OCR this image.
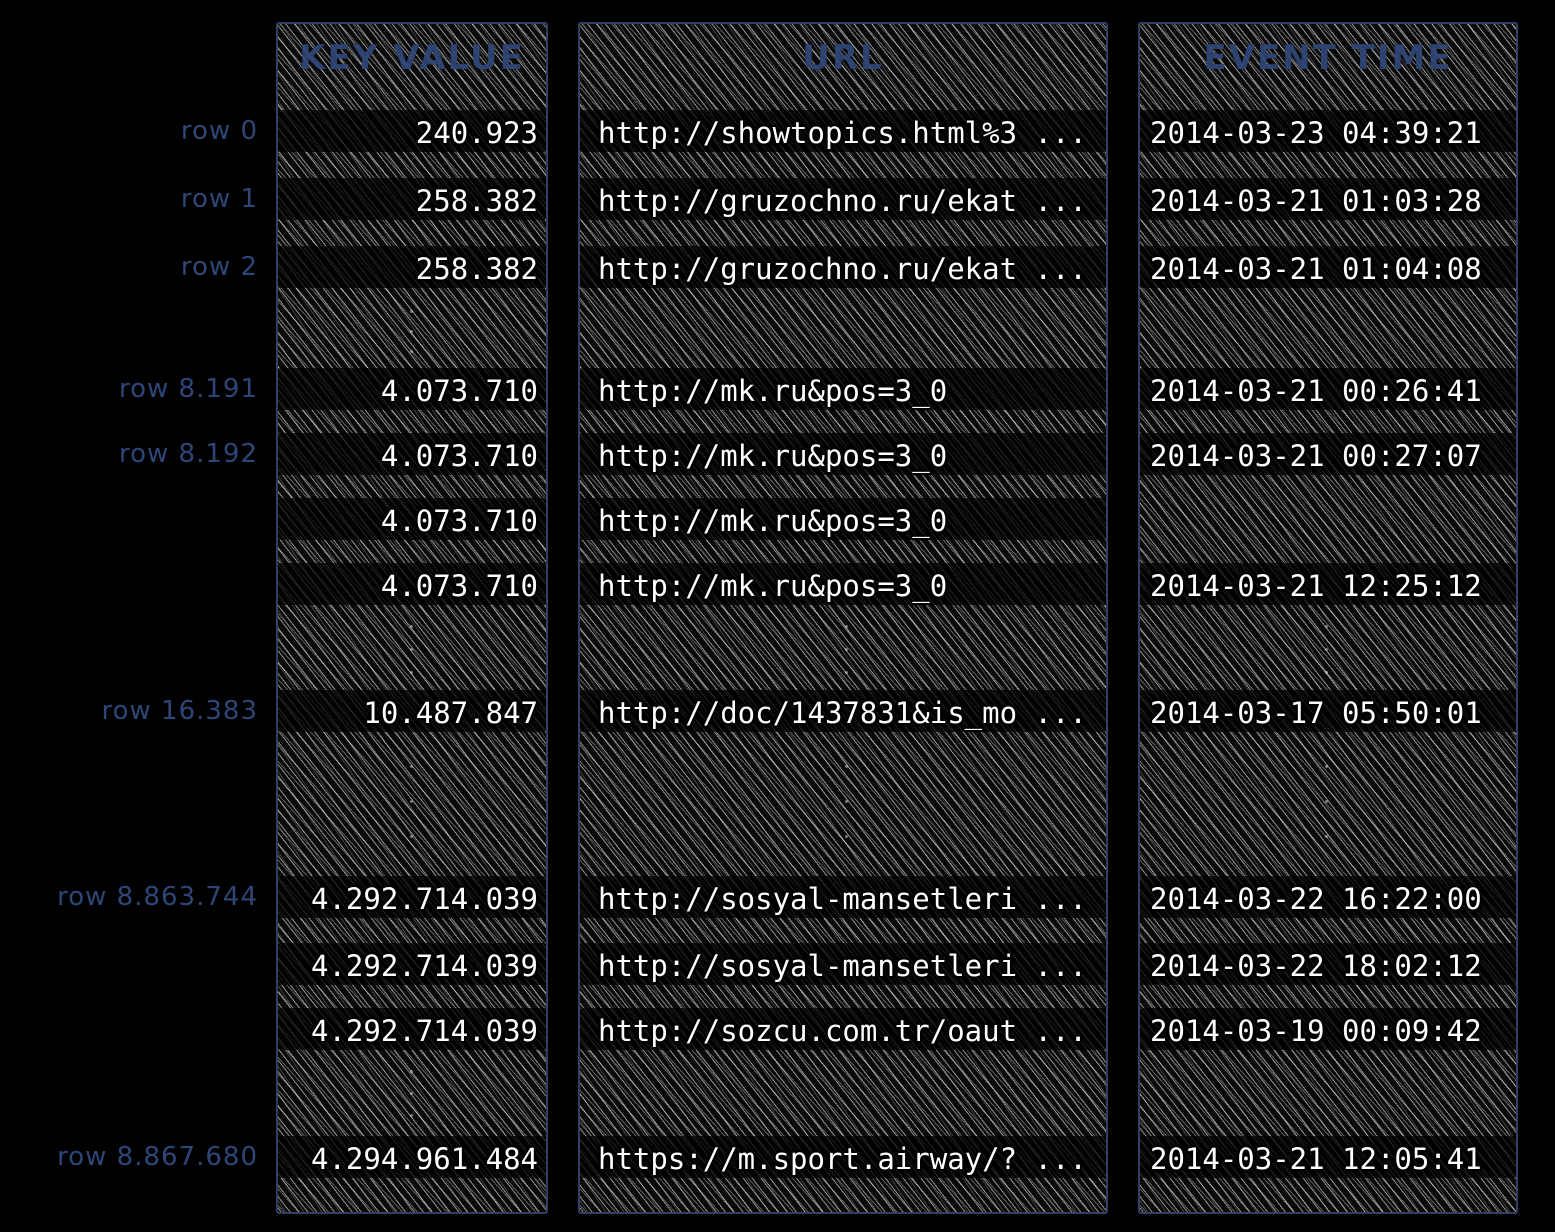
KEY VALUE	URL	EVENT TIME
row 0	240.923 http://showtopics.html%3 ...	2014-03-23 04:39:21
row 1	258.382 http://gruzochno.ru/ekat ...	2014-03-21 01:03:28
row 2	258.382 http://gruzochno.ru/ekat ...	2014-03-21 01:04:08
row 8.191	4.073.710 http://mk.ru&pos=3_0	2014-03-21 00:26:41
row 8.192	4.073.710 http://mk.ru&pos=3_0	2014-03-21 00:27:07
4.073.710 http://mk.ru&pos=3_0
4.073.710 http://mk.ru&pos=3_0	2014-03-21 12:25:12
row 16.383	10.487.847 http://doc/1437831&is_mo ...	2014-03-17 05:50:01
row 8.863.744	4.292.714.039 http://sosyal-mansetleri ...	2014-03-22 16:22:00
4.292.714.039 http://sosyal-mansetleri ...	2014-03-22 18:02:12
4.292.714.039 http://sozcu.com.tr/oaut ...	2014-03-19 00:09:42
row 8.867.680	4.294.961.484 https://m.sport.airway/? ...	2014-03-21 12:05:41
